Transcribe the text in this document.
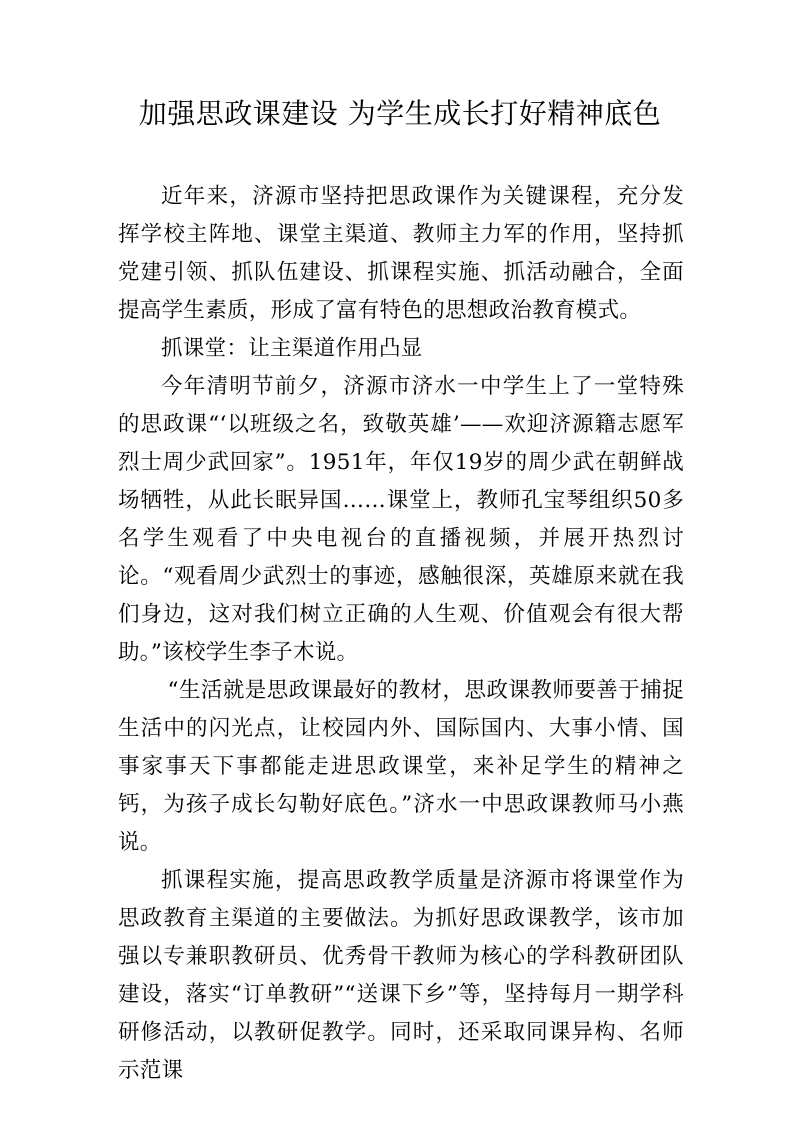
加强思政课建设 为学生成长打好精神底色

近年来，济源市坚持把思政课作为关键课程，充分发挥学校主阵地、课堂主渠道、教师主力军的作用，坚持抓党建引领、抓队伍建设、抓课程实施、抓活动融合，全面提高学生素质，形成了富有特色的思想政治教育模式。

抓课堂：让主渠道作用凸显

今年清明节前夕，济源市济水一中学生上了一堂特殊的思政课“‘以班级之名，致敬英雄’——欢迎济源籍志愿军烈士周少武回家”。1951年，年仅19岁的周少武在朝鲜战场牺牲，从此长眠异国……课堂上，教师孔宝琴组织50多名学生观看了中央电视台的直播视频，并展开热烈讨论。“观看周少武烈士的事迹，感触很深，英雄原来就在我们身边，这对我们树立正确的人生观、价值观会有很大帮助。”该校学生李子木说。

“生活就是思政课最好的教材，思政课教师要善于捕捉生活中的闪光点，让校园内外、国际国内、大事小情、国事家事天下事都能走进思政课堂，来补足学生的精神之钙，为孩子成长勾勒好底色。”济水一中思政课教师马小燕说。

抓课程实施，提高思政教学质量是济源市将课堂作为思政教育主渠道的主要做法。为抓好思政课教学，该市加强以专兼职教研员、优秀骨干教师为核心的学科教研团队建设，落实“订单教研”“送课下乡”等，坚持每月一期学科研修活动，以教研促教学。同时，还采取同课异构、名师示范课
